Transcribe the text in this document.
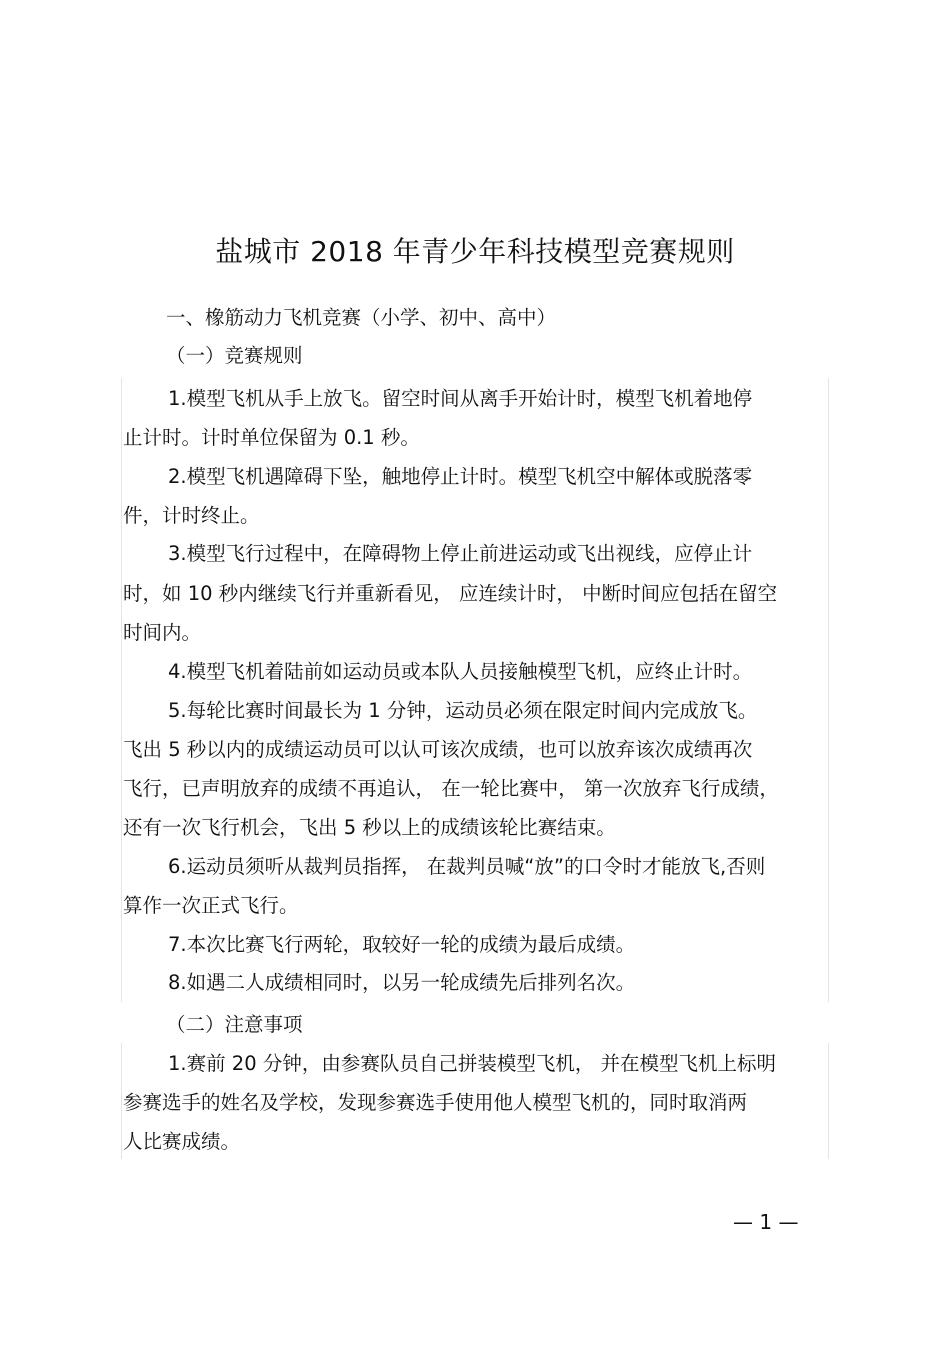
盐城市 2018 年青少年科技模型竞赛规则
一、橡筋动力飞机竞赛（小学、初中、高中）
（一）竞赛规则
1.模型飞机从手上放飞。留空时间从离手开始计时，模型飞机着地停
止计时。计时单位保留为 0.1 秒。
2.模型飞机遇障碍下坠，触地停止计时。模型飞机空中解体或脱落零
件，计时终止。
3.模型飞行过程中，在障碍物上停止前进运动或飞出视线，应停止计
时，如 10 秒内继续飞行并重新看见， 应连续计时， 中断时间应包括在留空
时间内。
4.模型飞机着陆前如运动员或本队人员接触模型飞机，应终止计时。
5.每轮比赛时间最长为 1 分钟，运动员必须在限定时间内完成放飞。
飞出 5 秒以内的成绩运动员可以认可该次成绩，也可以放弃该次成绩再次
飞行，已声明放弃的成绩不再追认， 在一轮比赛中， 第一次放弃飞行成绩，
还有一次飞行机会，飞出 5 秒以上的成绩该轮比赛结束。
6.运动员须听从裁判员指挥， 在裁判员喊“放”的口令时才能放飞,否则
算作一次正式飞行。
7.本次比赛飞行两轮，取较好一轮的成绩为最后成绩。
8.如遇二人成绩相同时，以另一轮成绩先后排列名次。
（二）注意事项
1.赛前 20 分钟，由参赛队员自己拼装模型飞机， 并在模型飞机上标明
参赛选手的姓名及学校，发现参赛选手使用他人模型飞机的，同时取消两
人比赛成绩。
— 1 —
